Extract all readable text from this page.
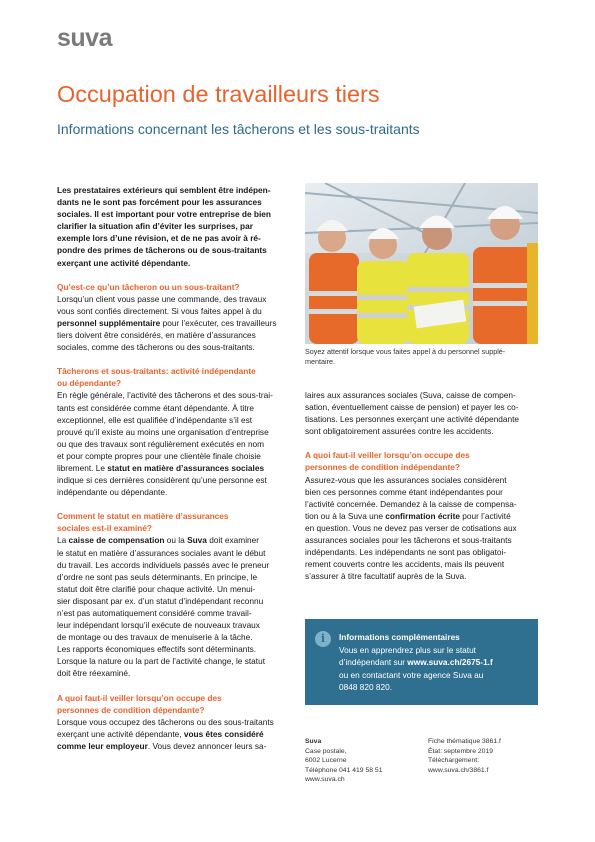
suva
Occupation de travailleurs tiers
Informations concernant les tâcherons et les sous-traitants

Les prestataires extérieurs qui semblent être indépen-

dants ne le sont pas forcément pour les assurances

sociales. Il est important pour votre entreprise de bien

clarifier la situation afin d’éviter les surprises, par

exemple lors d’une révision, et de ne pas avoir à ré-

pondre des primes de tâcherons ou de sous-traitants

exerçant une activité dépendante.

Qu’est-ce qu’un tâcheron ou un sous-traitant?

Lorsqu’un client vous passe une commande, des travaux

vous sont confiés directement. Si vous faites appel à du

personnel supplémentaire pour l’exécuter, ces travailleurs

tiers doivent être considérés, en matière d’assurances

sociales, comme des tâcherons ou des sous-traitants.

Tâcherons et sous-traitants: activité indépendante

ou dépendante?

En règle générale, l’activité des tâcherons et des sous-trai-

tants est considérée comme étant dépendante. À titre

exceptionnel, elle est qualifiée d’indépendante s’il est

prouvé qu’il existe au moins une organisation d’entreprise

ou que des travaux sont régulièrement exécutés en nom

et pour compte propres pour une clientèle finale choisie

librement. Le statut en matière d’assurances sociales

indique si ces dernières considèrent qu’une personne est

indépendante ou dépendante.

Comment le statut en matière d’assurances

sociales est-il examiné?

La caisse de compensation ou la Suva doit examiner

le statut en matière d’assurances sociales avant le début

du travail. Les accords individuels passés avec le preneur

d’ordre ne sont pas seuls déterminants. En principe, le

statut doit être clarifié pour chaque activité. Un menui-

sier disposant par ex. d’un statut d’indépendant reconnu

n’est pas automatiquement considéré comme travail-

leur indépendant lorsqu’il exécute de nouveaux travaux

de montage ou des travaux de menuiserie à la tâche.

Les rapports économiques effectifs sont déterminants.

Lorsque la nature ou la part de l’activité change, le statut

doit être réexaminé.

A quoi faut-il veiller lorsqu’on occupe des

personnes de condition dépendante?

Lorsque vous occupez des tâcherons ou des sous-traitants

exerçant une activité dépendante, vous êtes considéré

comme leur employeur. Vous devez annoncer leurs sa-

Soyez attentif lorsque vous faites appel à du personnel supplé-

mentaire.

laires aux assurances sociales (Suva, caisse de compen-

sation, éventuellement caisse de pension) et payer les co-

tisations. Les personnes exerçant une activité dépendante

sont obligatoirement assurées contre les accidents.

A quoi faut-il veiller lorsqu’on occupe des

personnes de condition indépendante?

Assurez-vous que les assurances sociales considèrent

bien ces personnes comme étant indépendantes pour

l’activité concernée. Demandez à la caisse de compensa-

tion ou à la Suva une confirmation écrite pour l’activité

en question. Vous ne devez pas verser de cotisations aux

assurances sociales pour les tâcherons et sous-traitants

indépendants. Les indépendants ne sont pas obligatoi-

rement couverts contre les accidents, mais ils peuvent

s’assurer à titre facultatif auprès de la Suva.

i	Informations complémentaires

Vous en apprendrez plus sur le statut

d’indépendant sur www.suva.ch/2675-1.f

ou en contactant votre agence Suva au

0848 820 820.

Suva

Case postale,

6002 Lucerne

Téléphone 041 419 58 51

www.suva.ch

Fiche thématique 3861.f

État: septembre 2019

Téléchargement:

www.suva.ch/3861.f
